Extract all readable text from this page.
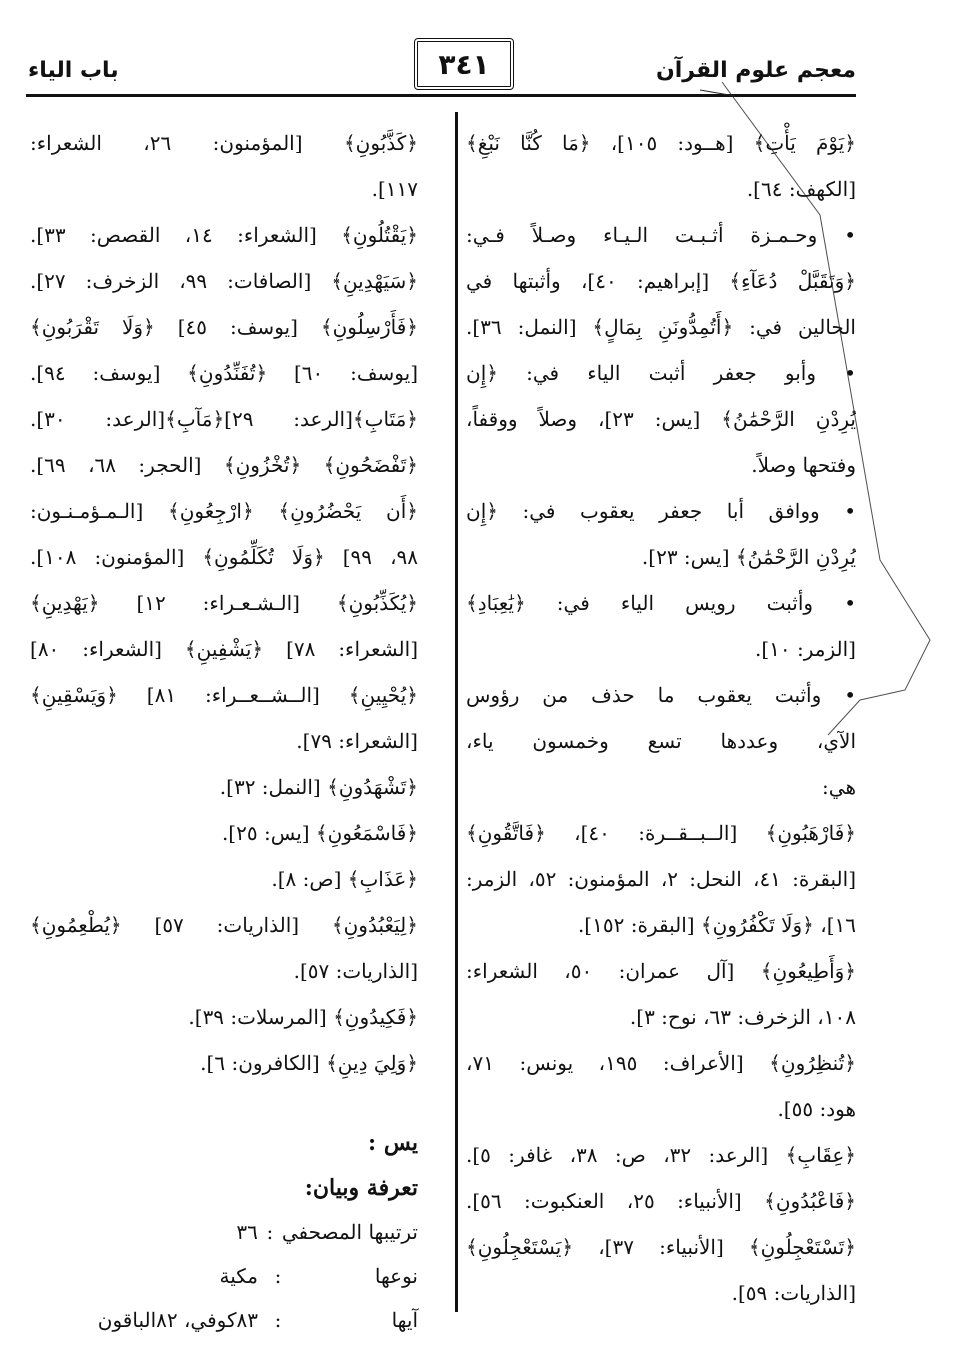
معجم علوم القرآن
٣٤١
باب الياء
﴿يَوْمَ يَأْتِ﴾ [هــود: ١٠٥]، ﴿مَا كُنَّا نَبْغِ﴾
[الكهف: ٦٤].
• وحـمـزة أثـبـت الـيـاء وصـلاً فـي:
﴿وَتَقَبَّلْ دُعَآءِ﴾ [إبراهيم: ٤٠]، وأثبتها في
الحالين في: ﴿أَتُمِدُّونَنِ بِمَالٍ﴾ [النمل: ٣٦].
• وأبو جعفر أثبت الياء في: ﴿إِن
يُرِدْنِ الرَّحْمَٰنُ﴾ [يس: ٢٣]، وصلاً ووقفاً،
وفتحها وصلاً.
• ووافق أبا جعفر يعقوب في: ﴿إِن
يُرِدْنِ الرَّحْمَٰنُ﴾ [يس: ٢٣].
• وأثبت رويس الياء في: ﴿يَٰعِبَادِ﴾
[الزمر: ١٠].
• وأثبت يعقوب ما حذف من رؤوس
الآي، وعددها تسع وخمسون ياء،
هي:
﴿فَارْهَبُونِ﴾ [الــبــقــرة: ٤٠]، ﴿فَاتَّقُونِ﴾
[البقرة: ٤١، النحل: ٢، المؤمنون: ٥٢، الزمر:
١٦]، ﴿وَلَا تَكْفُرُونِ﴾ [البقرة: ١٥٢].
﴿وَأَطِيعُونِ﴾ [آل عمران: ٥٠، الشعراء:
١٠٨، الزخرف: ٦٣، نوح: ٣].
﴿تُنظِرُونِ﴾ [الأعراف: ١٩٥، يونس: ٧١،
هود: ٥٥].
﴿عِقَابِ﴾ [الرعد: ٣٢، ص: ٣٨، غافر: ٥].
﴿فَاعْبُدُونِ﴾ [الأنبياء: ٢٥، العنكبوت: ٥٦].
﴿تَسْتَعْجِلُونِ﴾ [الأنبياء: ٣٧]، ﴿يَسْتَعْجِلُونِ﴾
[الذاريات: ٥٩].
﴿كَذَّبُونِ﴾ [المؤمنون: ٢٦، الشعراء:
١١٧].
﴿يَقْتُلُونِ﴾ [الشعراء: ١٤، القصص: ٣٣].
﴿سَيَهْدِينِ﴾ [الصافات: ٩٩، الزخرف: ٢٧].
﴿فَأَرْسِلُونِ﴾ [يوسف: ٤٥] ﴿وَلَا تَقْرَبُونِ﴾
[يوسف: ٦٠] ﴿تُفَنِّدُونِ﴾ [يوسف: ٩٤].
﴿مَتَابِ﴾[الرعد: ٢٩]﴿مَآبِ﴾[الرعد: ٣٠].
﴿تَفْضَحُونِ﴾ ﴿تُخْزُونِ﴾ [الحجر: ٦٨، ٦٩].
﴿أَن يَحْضُرُونِ﴾ ﴿ارْجِعُونِ﴾ [الـمـؤمـنـون:
٩٨، ٩٩] ﴿وَلَا تُكَلِّمُونِ﴾ [المؤمنون: ١٠٨].
﴿يُكَذِّبُونِ﴾ [الـشـعـراء: ١٢] ﴿يَهْدِينِ﴾
[الشعراء: ٧٨] ﴿يَشْفِينِ﴾ [الشعراء: ٨٠]
﴿يُحْيِينِ﴾ [الــشــعــراء: ٨١] ﴿وَيَسْقِينِ﴾
[الشعراء: ٧٩].
﴿تَشْهَدُونِ﴾ [النمل: ٣٢].
﴿فَاسْمَعُونِ﴾ [يس: ٢٥].
﴿عَذَابِ﴾ [ص: ٨].
﴿لِيَعْبُدُونِ﴾ [الذاريات: ٥٧] ﴿يُطْعِمُونِ﴾
[الذاريات: ٥٧].
﴿فَكِيدُونِ﴾ [المرسلات: ٣٩].
﴿وَلِيَ دِينِ﴾ [الكافرون: ٦].
يس :
تعرفة وبيان:
ترتيبها المصحفي
:
٣٦
نوعها
:
مكية
آيها
:
٨٣كوفي، ٨٢الباقون
